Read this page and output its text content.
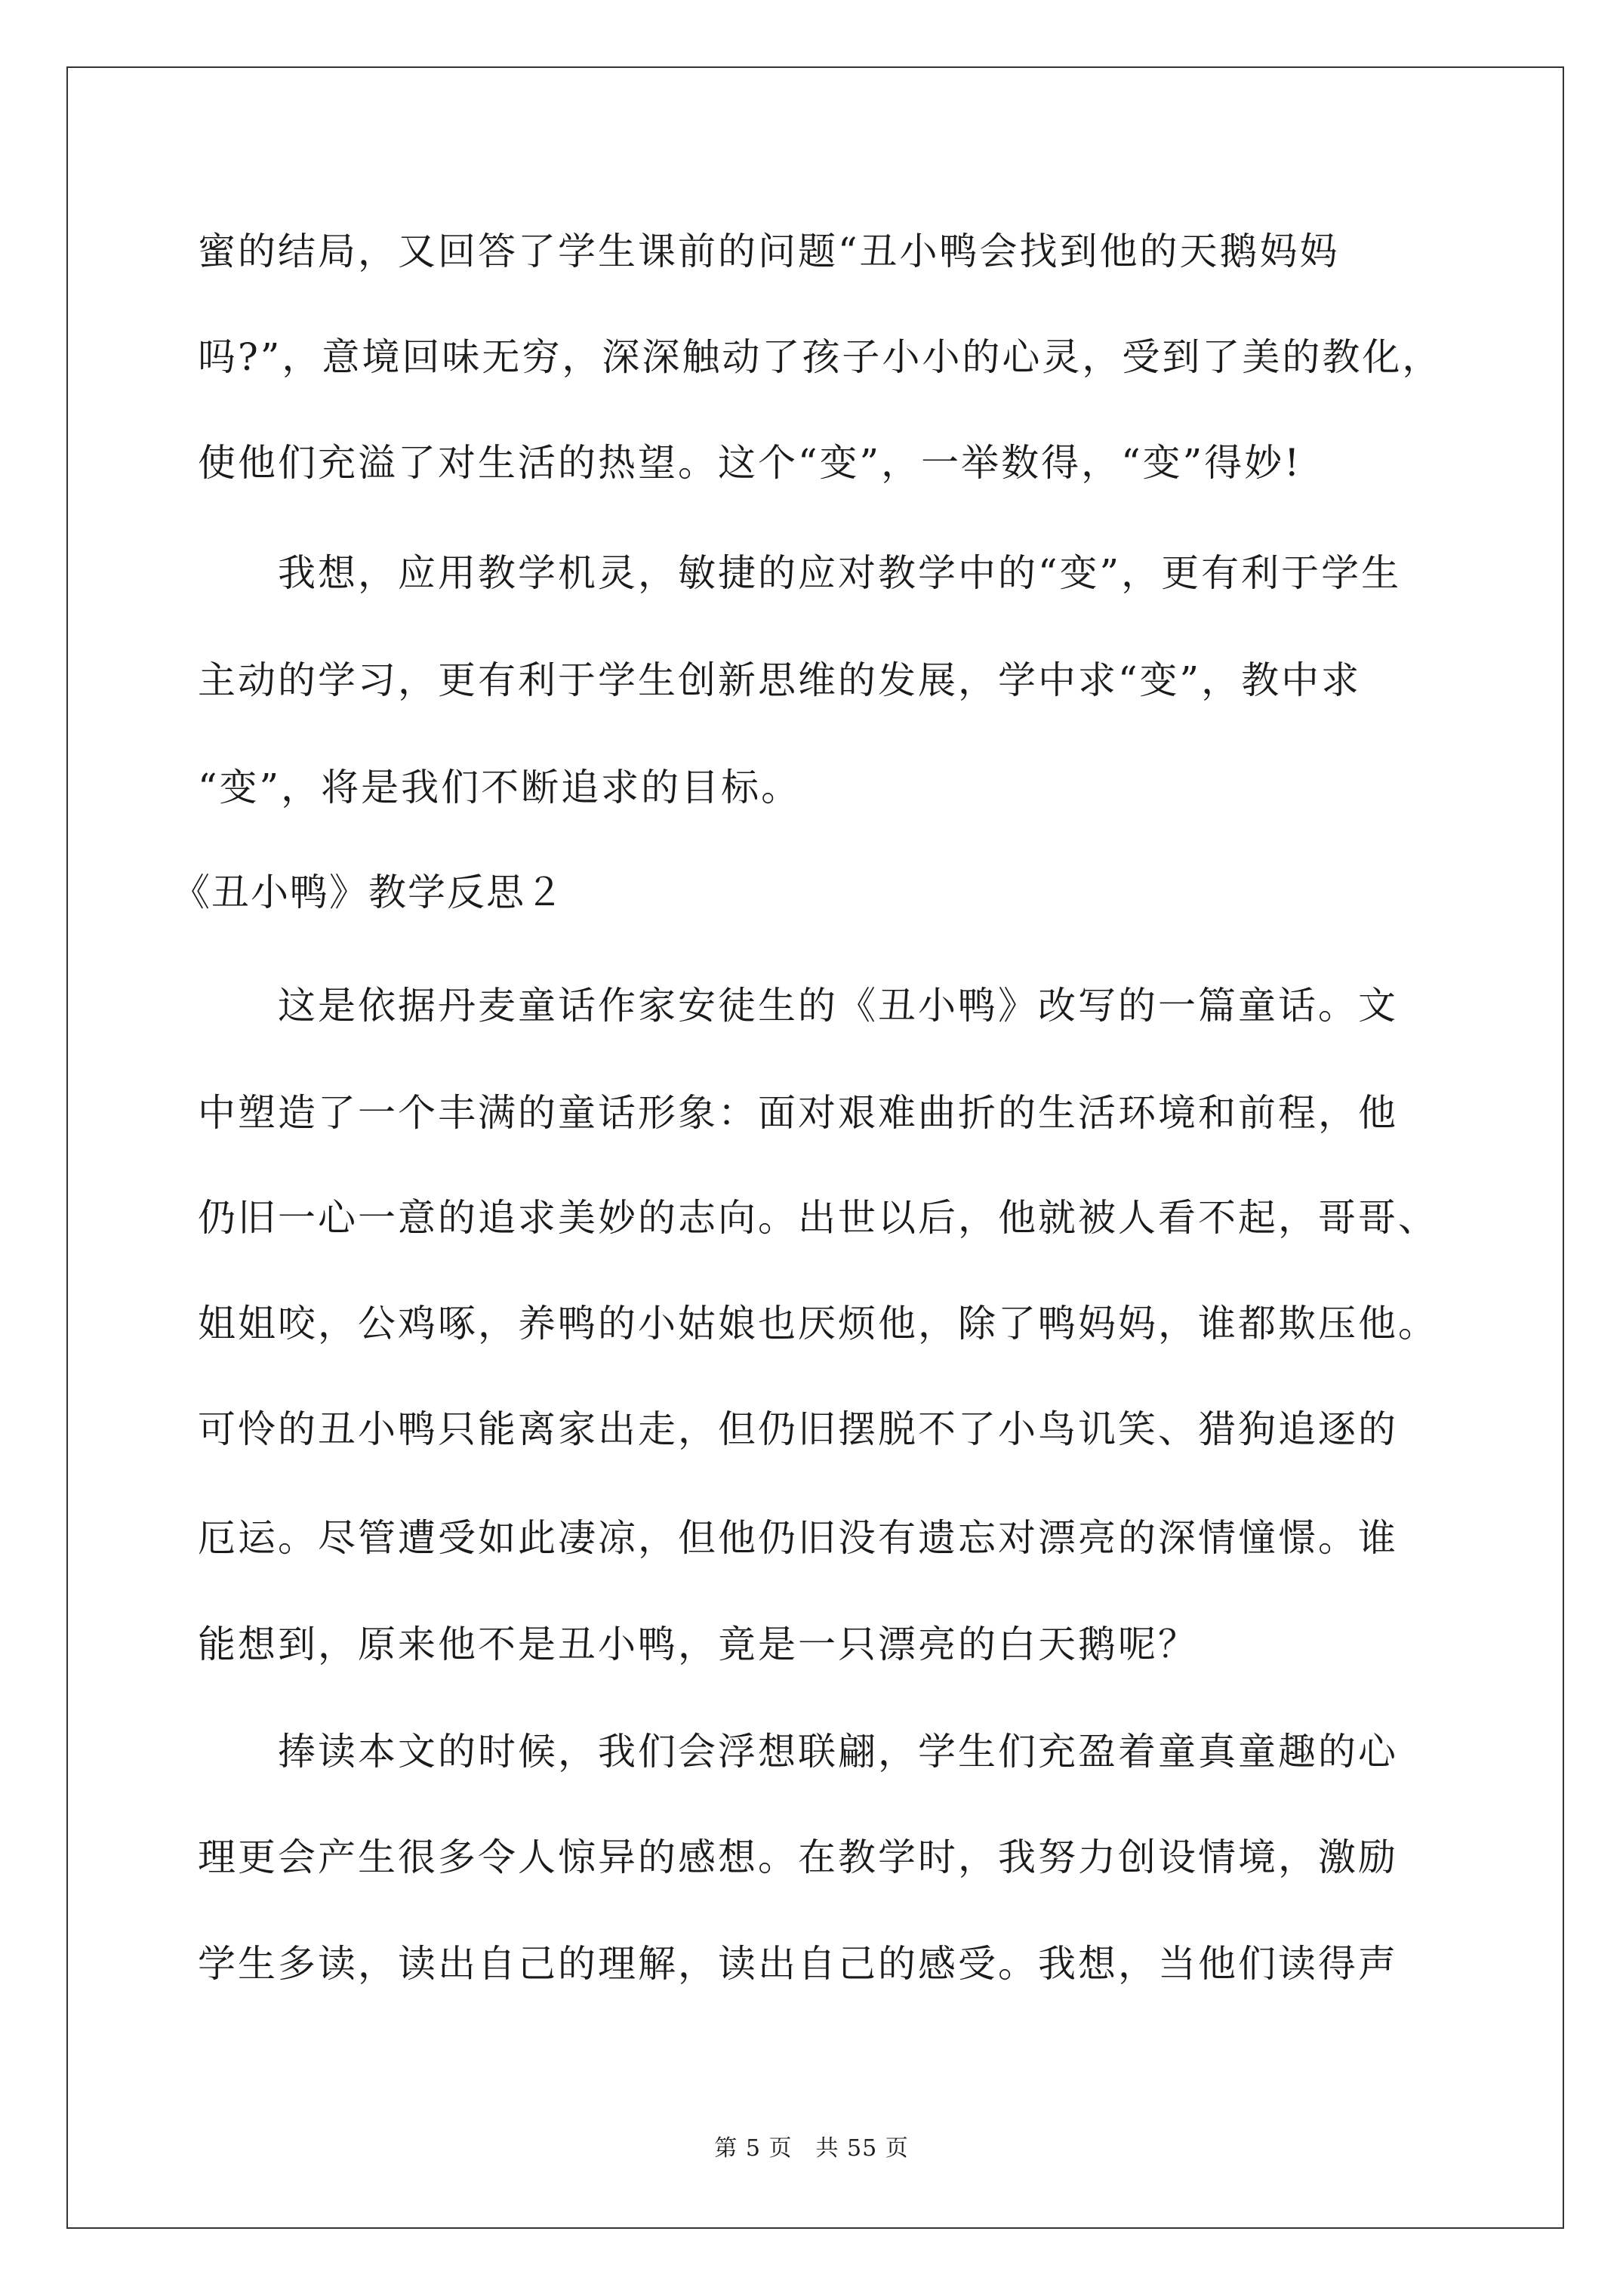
蜜的结局，又回答了学生课前的问题“丑小鸭会找到他的天鹅妈妈
吗?”，意境回味无穷，深深触动了孩子小小的心灵，受到了美的教化，
使他们充溢了对生活的热望。这个“变”，一举数得，“变”得妙!
　　我想，应用教学机灵，敏捷的应对教学中的“变”，更有利于学生
主动的学习，更有利于学生创新思维的发展，学中求“变”，教中求
“变”，将是我们不断追求的目标。
《丑小鸭》教学反思２
　　这是依据丹麦童话作家安徒生的《丑小鸭》改写的一篇童话。文
中塑造了一个丰满的童话形象：面对艰难曲折的生活环境和前程，他
仍旧一心一意的追求美妙的志向。出世以后，他就被人看不起，哥哥、
姐姐咬，公鸡啄，养鸭的小姑娘也厌烦他，除了鸭妈妈，谁都欺压他。
可怜的丑小鸭只能离家出走，但仍旧摆脱不了小鸟讥笑、猎狗追逐的
厄运。尽管遭受如此凄凉，但他仍旧没有遗忘对漂亮的深情憧憬。谁
能想到，原来他不是丑小鸭，竟是一只漂亮的白天鹅呢？
　　捧读本文的时候，我们会浮想联翩，学生们充盈着童真童趣的心
理更会产生很多令人惊异的感想。在教学时，我努力创设情境，激励
学生多读，读出自己的理解，读出自己的感受。我想，当他们读得声
第 5 页　共 55 页
